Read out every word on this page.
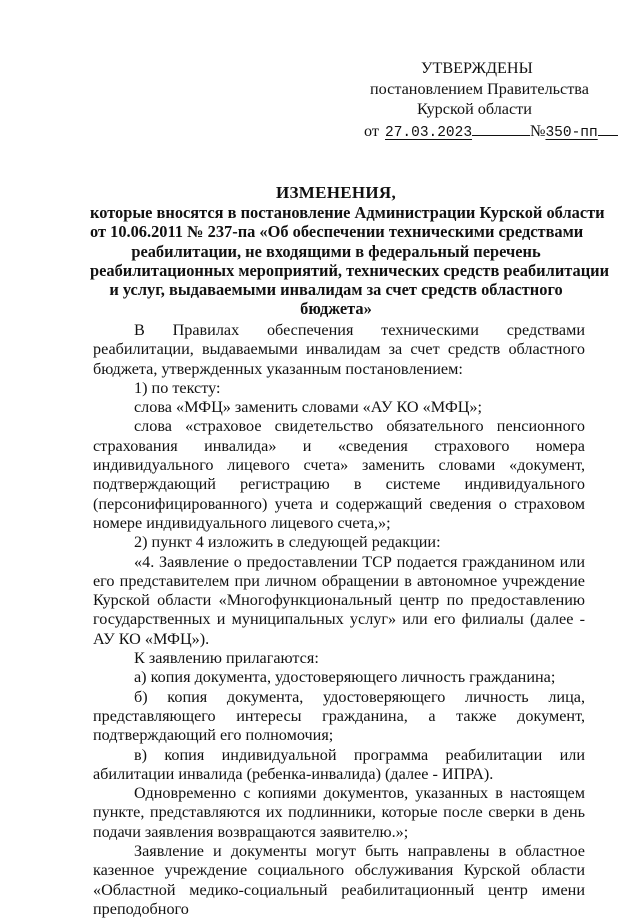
УТВЕРЖДЕНЫ
постановлением Правительства
Курской области
от 27.03.2023	№350-пп
ИЗМЕНЕНИЯ,
которые вносятся в постановление Администрации Курской области
от 10.06.2011 № 237-па «Об обеспечении техническими средствами
реабилитации, не входящими в федеральный перечень
реабилитационных мероприятий, технических средств реабилитации
и услуг, выдаваемыми инвалидам за счет средств областного
бюджета»

В Правилах обеспечения техническими средствами реабилитации, выдаваемыми инвалидам за счет средств областного бюджета, утвержденных указанным постановлением:

1) по тексту:

слова «МФЦ» заменить словами «АУ КО «МФЦ»;

слова «страховое свидетельство обязательного пенсионного страхования инвалида» и «сведения страхового номера индивидуального лицевого счета» заменить словами «документ, подтверждающий регистрацию в системе индивидуального (персонифицированного) учета и содержащий сведения о страховом номере индивидуального лицевого счета,»;

2) пункт 4 изложить в следующей редакции:

«4. Заявление о предоставлении ТСР подается гражданином или его представителем при личном обращении в автономное учреждение Курской области «Многофункциональный центр по предоставлению государственных и муниципальных услуг» или его филиалы (далее - АУ КО «МФЦ»).

К заявлению прилагаются:

а) копия документа, удостоверяющего личность гражданина;

б) копия документа, удостоверяющего личность лица, представляющего интересы гражданина, а также документ, подтверждающий его полномочия;

в) копия индивидуальной программа реабилитации или абилитации инвалида (ребенка-инвалида) (далее - ИПРА).

Одновременно с копиями документов, указанных в настоящем пункте, представляются их подлинники, которые после сверки в день подачи заявления возвращаются заявителю.»;

Заявление и документы могут быть направлены в областное казенное учреждение социального обслуживания Курской области «Областной медико-социальный реабилитационный центр имени преподобного
